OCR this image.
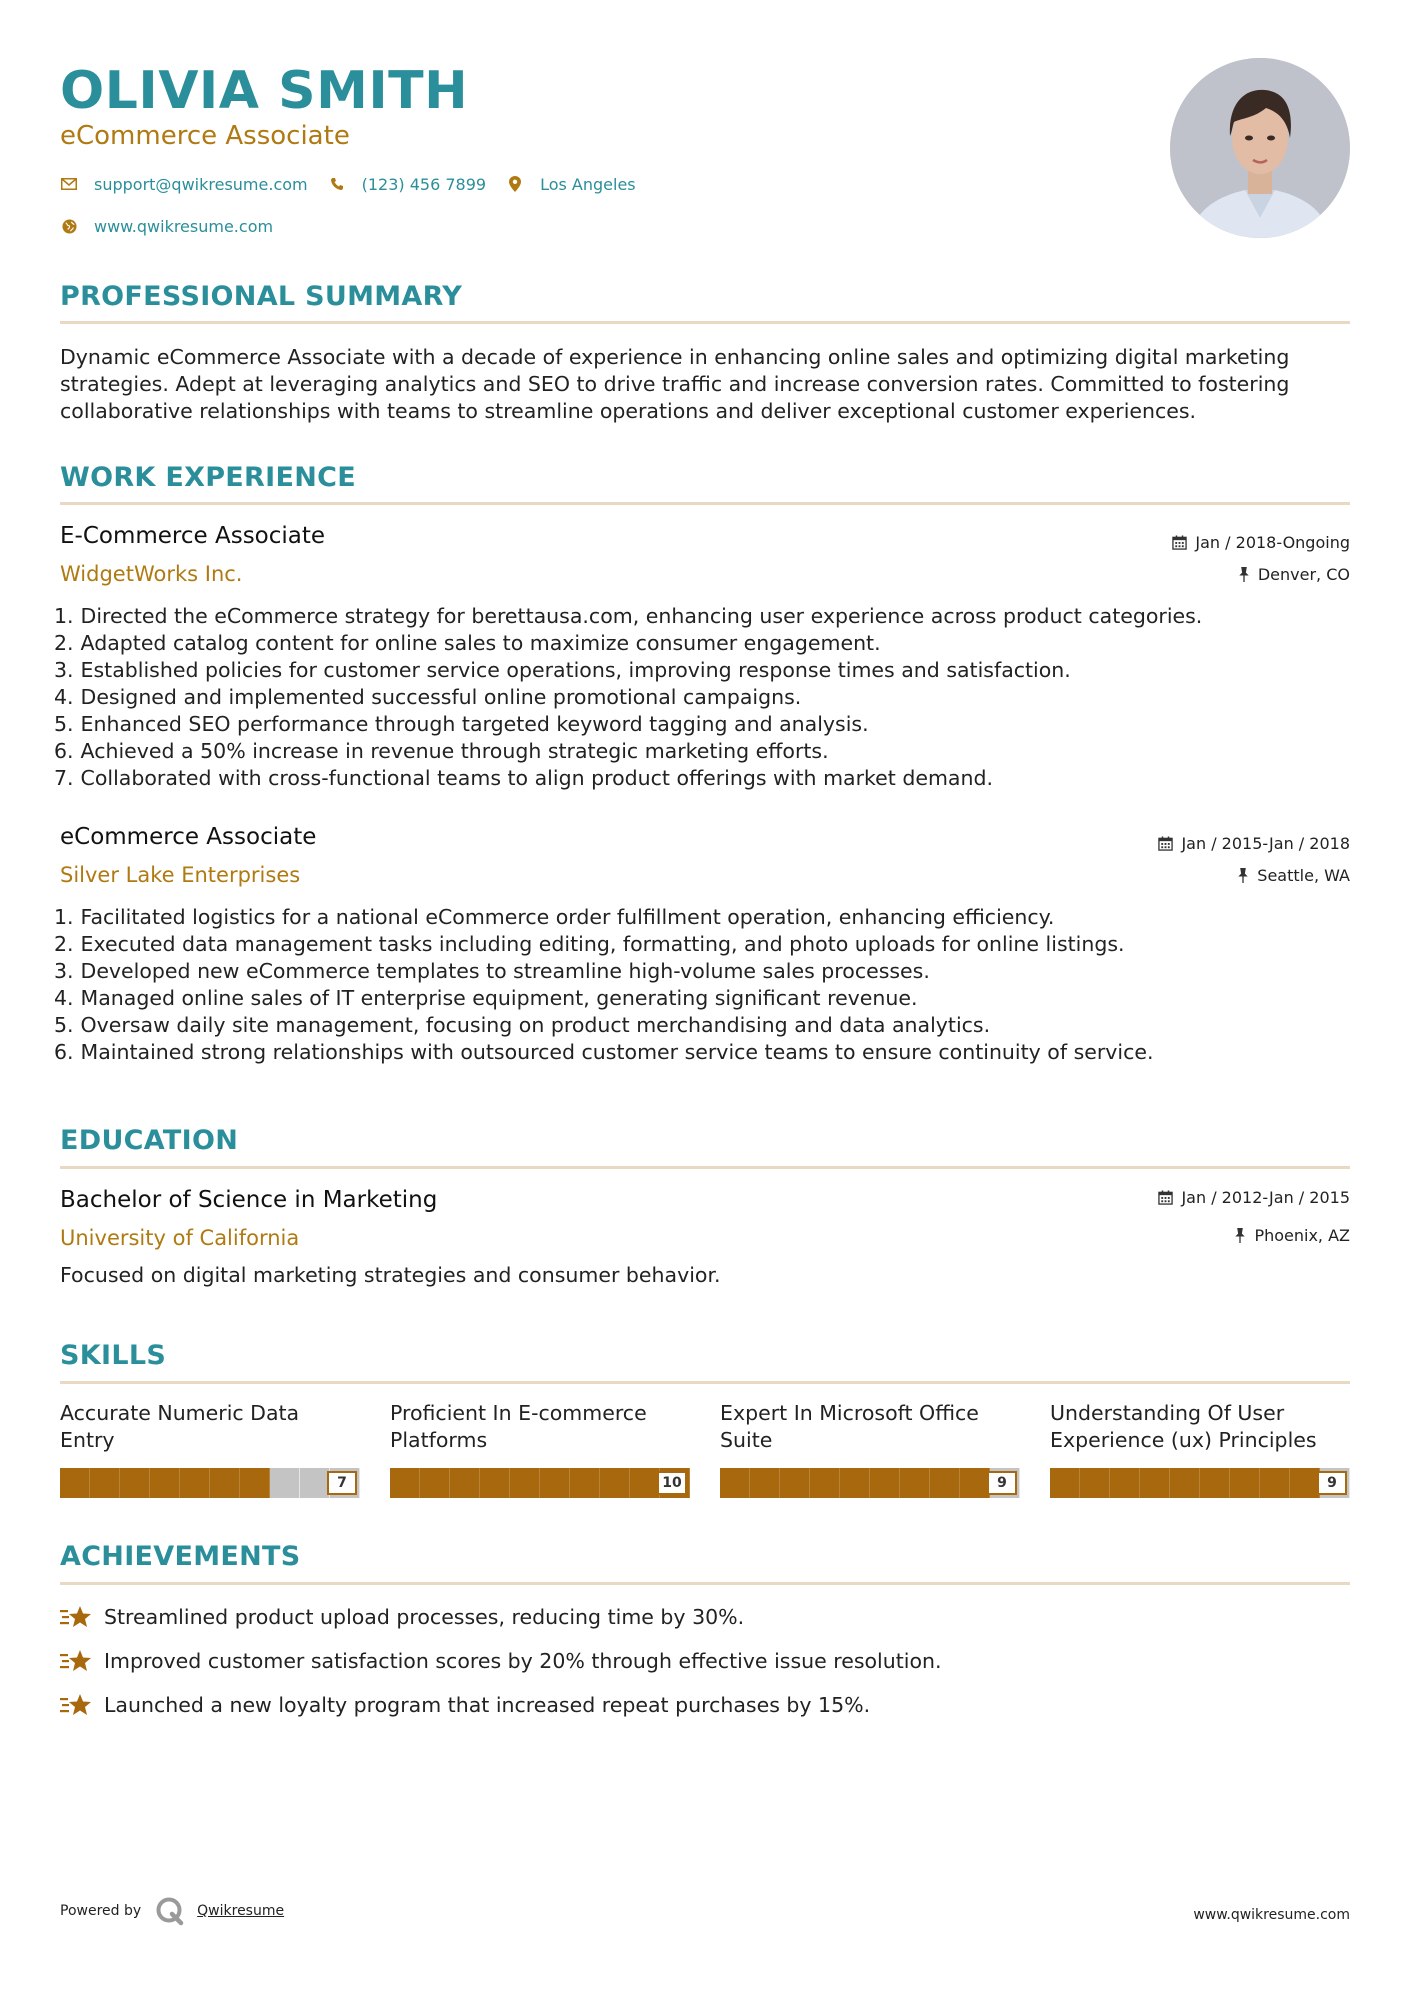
OLIVIA SMITH
eCommerce Associate
support@qwikresume.com	(123) 456 7899	Los Angeles
www.qwikresume.com
PROFESSIONAL SUMMARY
Dynamic eCommerce Associate with a decade of experience in enhancing online sales and optimizing digital marketing strategies. Adept at leveraging analytics and SEO to drive traffic and increase conversion rates. Committed to fostering collaborative relationships with teams to streamline operations and deliver exceptional customer experiences.
WORK EXPERIENCE
E-Commerce Associate
WidgetWorks Inc.
Jan / 2018-Ongoing
Denver, CO
1.
Directed the eCommerce strategy for berettausa.com, enhancing user experience across product categories.
2.
Adapted catalog content for online sales to maximize consumer engagement.
3.
Established policies for customer service operations, improving response times and satisfaction.
4.
Designed and implemented successful online promotional campaigns.
5.
Enhanced SEO performance through targeted keyword tagging and analysis.
6.
Achieved a 50% increase in revenue through strategic marketing efforts.
7.
Collaborated with cross-functional teams to align product offerings with market demand.
eCommerce Associate
Silver Lake Enterprises
Jan / 2015-Jan / 2018
Seattle, WA
1.
Facilitated logistics for a national eCommerce order fulfillment operation, enhancing efficiency.
2.
Executed data management tasks including editing, formatting, and photo uploads for online listings.
3.
Developed new eCommerce templates to streamline high-volume sales processes.
4.
Managed online sales of IT enterprise equipment, generating significant revenue.
5.
Oversaw daily site management, focusing on product merchandising and data analytics.
6.
Maintained strong relationships with outsourced customer service teams to ensure continuity of service.
EDUCATION
Bachelor of Science in Marketing
University of California
Jan / 2012-Jan / 2015
Phoenix, AZ
Focused on digital marketing strategies and consumer behavior.
SKILLS
Accurate Numeric Data Entry
7
Proficient In E-commerce Platforms
10
Expert In Microsoft Office Suite
9
Understanding Of User Experience (ux) Principles
9
ACHIEVEMENTS
Streamlined product upload processes, reducing time by 30%.
Improved customer satisfaction scores by 20% through effective issue resolution.
Launched a new loyalty program that increased repeat purchases by 15%.
Powered by	Qwikresume	www.qwikresume.com
